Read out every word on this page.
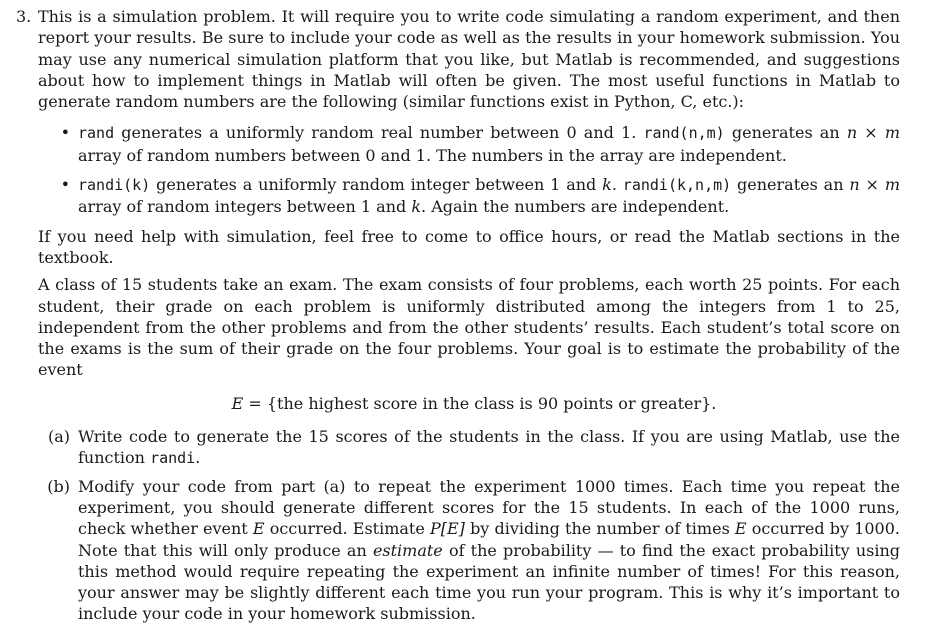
3. This is a simulation problem. It will require you to write code simulating a random experiment, and then report your results. Be sure to include your code as well as the results in your homework submission. You may use any numerical simulation platform that you like, but Matlab is recommended, and suggestions about how to implement things in Matlab will often be given. The most useful functions in Matlab to generate random numbers are the following (similar functions exist in Python, C, etc.):
• rand generates a uniformly random real number between 0 and 1. rand(n,m) generates an n × m array of random numbers between 0 and 1. The numbers in the array are independent.
• randi(k) generates a uniformly random integer between 1 and k. randi(k,n,m) generates an n × m array of random integers between 1 and k. Again the numbers are independent.

If you need help with simulation, feel free to come to office hours, or read the Matlab sections in the textbook.

A class of 15 students take an exam. The exam consists of four problems, each worth 25 points. For each student, their grade on each problem is uniformly distributed among the integers from 1 to 25, independent from the other problems and from the other students’ results. Each student’s total score on the exams is the sum of their grade on the four problems. Your goal is to estimate the probability of the event

E = {the highest score in the class is 90 points or greater}.
(a) Write code to generate the 15 scores of the students in the class. If you are using Matlab, use the function randi.
(b) Modify your code from part (a) to repeat the experiment 1000 times. Each time you repeat the experiment, you should generate different scores for the 15 students. In each of the 1000 runs, check whether event E occurred. Estimate P[E] by dividing the number of times E occurred by 1000. Note that this will only produce an estimate of the probability — to find the exact probability using this method would require repeating the experiment an infinite number of times! For this reason, your answer may be slightly different each time you run your program. This is why it’s important to include your code in your homework submission.
